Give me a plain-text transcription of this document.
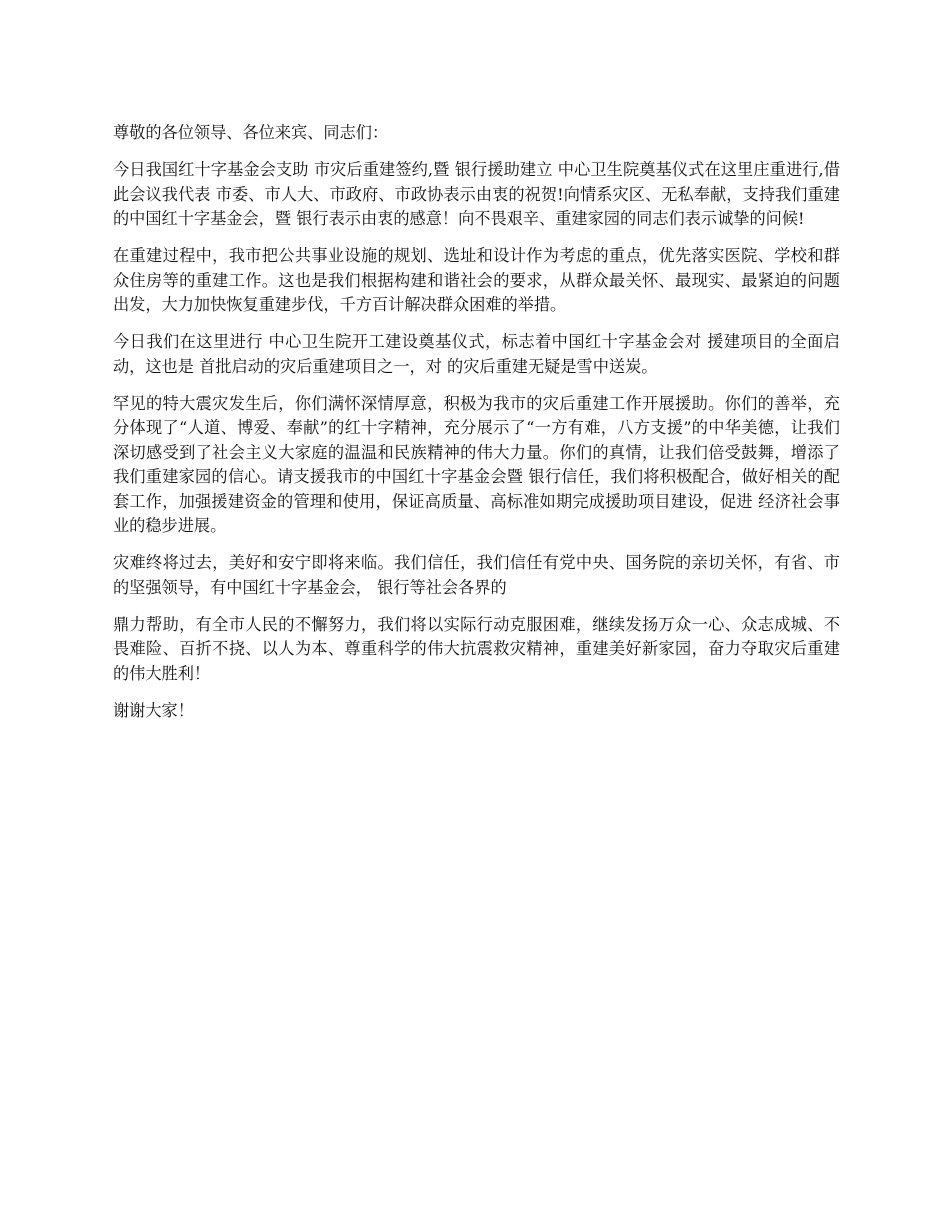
尊敬的各位领导、各位来宾、同志们：

今日我国红十字基金会支助 市灾后重建签约,暨 银行援助建立 中心卫生院奠基仪式在这里庄重进行,借此会议我代表 市委、市人大、市政府、市政协表示由衷的祝贺!向情系灾区、无私奉献，支持我们重建的中国红十字基金会，暨 银行表示由衷的感意！向不畏艰辛、重建家园的同志们表示诚挚的问候!

在重建过程中，我市把公共事业设施的规划、选址和设计作为考虑的重点，优先落实医院、学校和群众住房等的重建工作。这也是我们根据构建和谐社会的要求，从群众最关怀、最现实、最紧迫的问题出发，大力加快恢复重建步伐，千方百计解决群众困难的举措。

今日我们在这里进行 中心卫生院开工建设奠基仪式，标志着中国红十字基金会对 援建项目的全面启动，这也是 首批启动的灾后重建项目之一，对 的灾后重建无疑是雪中送炭。

罕见的特大震灾发生后，你们满怀深情厚意，积极为我市的灾后重建工作开展援助。你们的善举，充分体现了“人道、博爱、奉献”的红十字精神，充分展示了“一方有难，八方支援”的中华美德，让我们深切感受到了社会主义大家庭的温温和民族精神的伟大力量。你们的真情，让我们倍受鼓舞，增添了我们重建家园的信心。请支援我市的中国红十字基金会暨 银行信任，我们将积极配合，做好相关的配套工作，加强援建资金的管理和使用，保证高质量、高标准如期完成援助项目建设，促进 经济社会事业的稳步进展。

灾难终将过去，美好和安宁即将来临。我们信任，我们信任有党中央、国务院的亲切关怀，有省、市的坚强领导，有中国红十字基金会， 银行等社会各界的

鼎力帮助，有全市人民的不懈努力，我们将以实际行动克服困难，继续发扬万众一心、众志成城、不畏难险、百折不挠、以人为本、尊重科学的伟大抗震救灾精神，重建美好新家园，奋力夺取灾后重建的伟大胜利！

谢谢大家！
